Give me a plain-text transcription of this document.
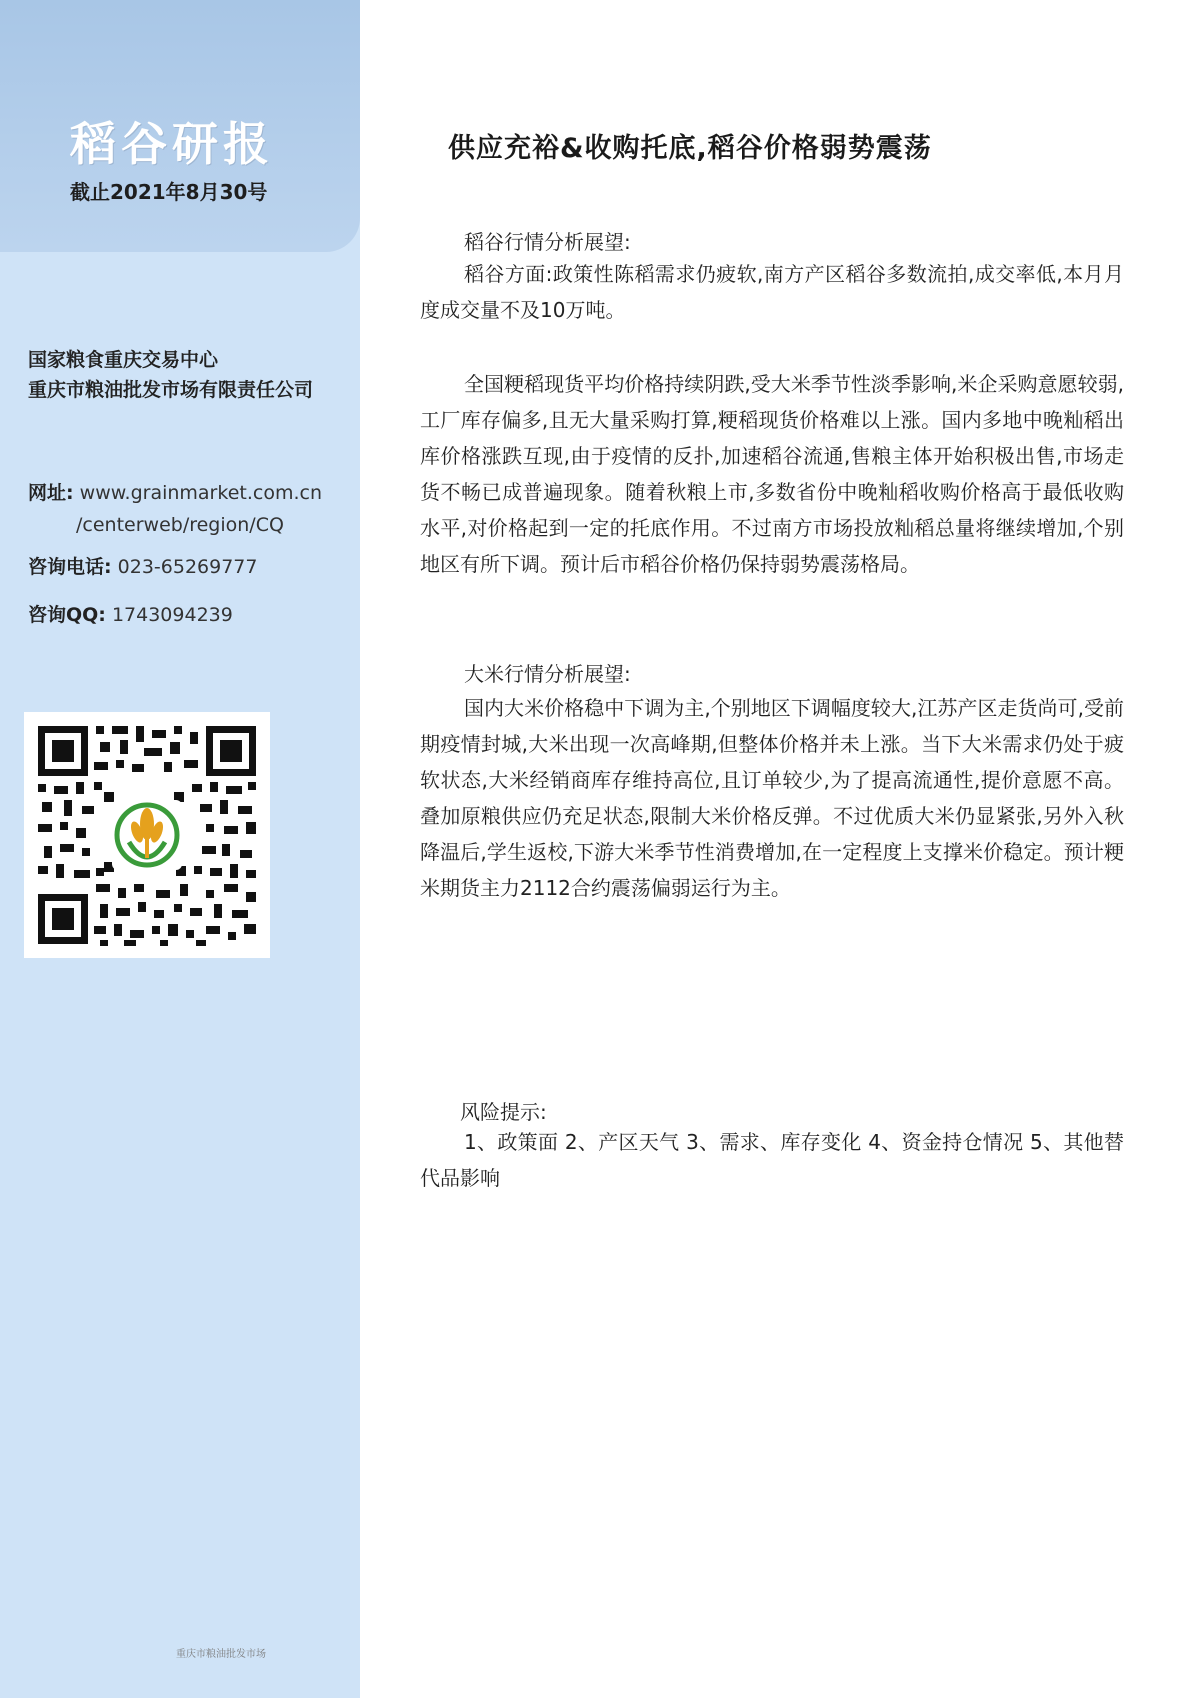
稻谷研报
截止2021年8月30号
国家粮食重庆交易中心
重庆市粮油批发市场有限责任公司
网址: www.grainmarket.com.cn
/centerweb/region/CQ
咨询电话: 023-65269777
咨询QQ: 1743094239
重庆市粮油批发市场
供应充裕&收购托底,稻谷价格弱势震荡

稻谷行情分析展望:

稻谷方面:政策性陈稻需求仍疲软,南方产区稻谷多数流拍,成交率低,本月月度成交量不及10万吨。

全国粳稻现货平均价格持续阴跌,受大米季节性淡季影响,米企采购意愿较弱,工厂库存偏多,且无大量采购打算,粳稻现货价格难以上涨。国内多地中晚籼稻出库价格涨跌互现,由于疫情的反扑,加速稻谷流通,售粮主体开始积极出售,市场走货不畅已成普遍现象。随着秋粮上市,多数省份中晚籼稻收购价格高于最低收购水平,对价格起到一定的托底作用。不过南方市场投放籼稻总量将继续增加,个别地区有所下调。预计后市稻谷价格仍保持弱势震荡格局。

大米行情分析展望:

国内大米价格稳中下调为主,个别地区下调幅度较大,江苏产区走货尚可,受前期疫情封城,大米出现一次高峰期,但整体价格并未上涨。当下大米需求仍处于疲软状态,大米经销商库存维持高位,且订单较少,为了提高流通性,提价意愿不高。叠加原粮供应仍充足状态,限制大米价格反弹。不过优质大米仍显紧张,另外入秋降温后,学生返校,下游大米季节性消费增加,在一定程度上支撑米价稳定。预计粳米期货主力2112合约震荡偏弱运行为主。

风险提示:

1、政策面 2、产区天气 3、需求、库存变化 4、资金持仓情况 5、其他替代品影响
